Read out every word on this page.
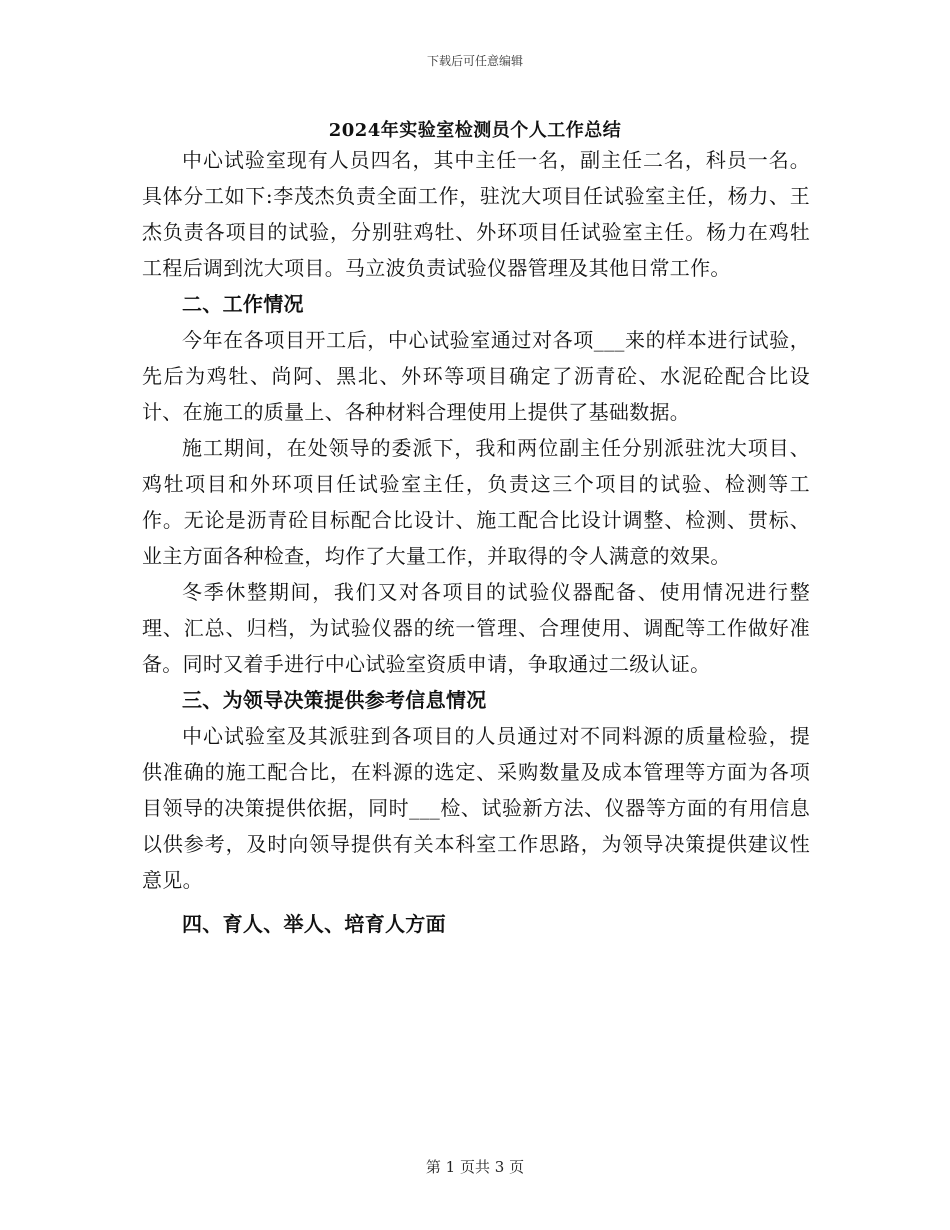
下载后可任意编辑
2024年实验室检测员个人工作总结

中心试验室现有人员四名，其中主任一名，副主任二名，科员一名。具体分工如下:李茂杰负责全面工作，驻沈大项目任试验室主任，杨力、王杰负责各项目的试验，分别驻鸡牡、外环项目任试验室主任。杨力在鸡牡工程后调到沈大项目。马立波负责试验仪器管理及其他日常工作。

二、工作情况

今年在各项目开工后，中心试验室通过对各项___来的样本进行试验，先后为鸡牡、尚阿、黑北、外环等项目确定了沥青砼、水泥砼配合比设计、在施工的质量上、各种材料合理使用上提供了基础数据。

施工期间，在处领导的委派下，我和两位副主任分别派驻沈大项目、鸡牡项目和外环项目任试验室主任，负责这三个项目的试验、检测等工作。无论是沥青砼目标配合比设计、施工配合比设计调整、检测、贯标、业主方面各种检查，均作了大量工作，并取得的令人满意的效果。

冬季休整期间，我们又对各项目的试验仪器配备、使用情况进行整理、汇总、归档，为试验仪器的统一管理、合理使用、调配等工作做好准备。同时又着手进行中心试验室资质申请，争取通过二级认证。

三、为领导决策提供参考信息情况

中心试验室及其派驻到各项目的人员通过对不同料源的质量检验，提供准确的施工配合比，在料源的选定、采购数量及成本管理等方面为各项目领导的决策提供依据，同时___检、试验新方法、仪器等方面的有用信息以供参考，及时向领导提供有关本科室工作思路，为领导决策提供建议性意见。

四、育人、举人、培育人方面

第 1 页共 3 页
